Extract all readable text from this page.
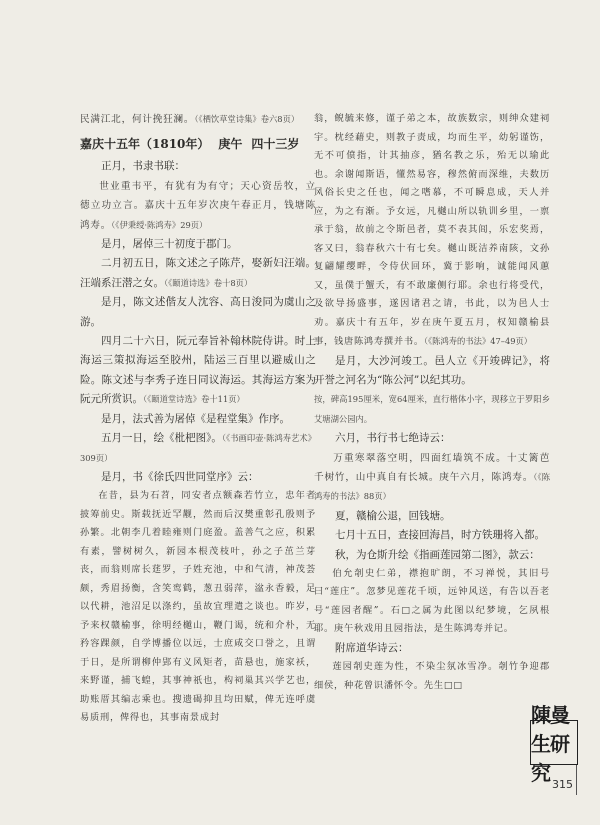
民满江北，何计挽狂澜。（《栖饮草堂诗集》卷六8页）

嘉庆十五年（1810年） 庚午 四十三岁

正月，书隶书联：

世业重韦平，有犹有为有守；天心资岳牧，立德立功立言。嘉庆十五年岁次庚午春正月，钱塘陈鸿寿。（《伊秉绶·陈鸿寿》29页）

是月，屠倬三十初度于郡门。

二月初五日，陈文述之子陈芹，娶新妇汪端。汪端系汪潜之女。（《颐道诗选》卷十8页）

是月，陈文述偕友人沈容、高日浚同为虞山之游。

四月二十六日，阮元奉旨补翰林院侍讲。时上海运三策拟海运至胶州，陆运三百里以避威山之险。陈文述与李秀子连日同议海运。其海运方案为阮元所赏识。（《颐道堂诗选》卷十11页）

是月，法式善为屠倬《是程堂集》作序。

五月一日，绘《枇杷图》。（《书画印壶·陈鸿寿艺术》309页）

是月，书《徐氏四世同堂序》云：

在昔，县为石苕，同安者点额森若竹立，忠年者披筹前史。斯载抚近罕觏，然而后汉樊重彰孔殷则予孙繁。北朝李几着睦雍则门庭盈。盖善气之应，积累有素，譬树树久，新园本根茂枝叶，孙之子茁兰芽丧，而翁则席长莛罗，子姓充池，中和气清，神茂荟颇，秀眉扬衡，含笑鸾鹤，葱丑弱萍，湓永香毅，足以代耕，池沼足以涤约，虽故宜理遣之谈也。昨岁，予来权赣榆事，徐明经樾山，鞭门谒，统和介朴，无矜容踝颜，自学博播位以远，士庶咸交口誉之，且谓于日，是所谓柳仲郢有义风矩者，苗悬也，施家袄，来野谨，捕飞蝗，其事神祇也，构祠巢其兴学艺也，助账厝其编志乘也。搜遗碣抑且均田赋，俾无连呼虞易质刑，俾得也，其事南景成封

翁，鲵毓来修，谨子弟之本，故族数宗，则绅众建祠宇。枕经藉史，则教子责成，均而生平，幼躬谨饬，无不可偾指，计其抽彦，猶名教之乐，殆无以瑜此也。余谢闻斯语，懂然易容，穆然俯而深维，夫数历风俗长史之任也，闻之嗜慕，不可瞬息成，天人并应，为之有渐。予女远，凡樾山所以轨训乡里，一禀承于翁，故前之令斯邑者，莫不表其闾，乐宏奖焉，客又曰，翁春秋六十有七矣。樾山既洁养南陔，文孙复翩耀缨畔，令侍伏回环，冀于影响，诚能闻风蕙又，虽僕于蟹夭，有不敢廉侧行耶。余也行将受代，及欲导扬盛事，遂因诸君之请，书此，以为邑人士劝。嘉庆十有五年，岁在庚午夏五月，权知赣榆县事，钱唐陈鸿寿撰并书。（《陈鸿寿的书法》47–49页）

是月，大沙河竣工。邑人立《开竣碑记》，将开誉之河名为“陈公河”以纪其功。

按，碑高195厘米，宽64厘米，直行楷体小字，现移立于罗阳乡艾塘湖公园内。

六月，书行书七绝诗云：

万重寒翠落空明，四面红墙筑不成。十丈篱芭千树竹，山中真自有长城。庚午六月，陈鸿寿。（《陈鸿寿的书法》88页）

夏，赣榆公退，回钱塘。

七月十五日，查接回海昌，时方铁珊将入都。

秋，为仓斯升绘《指画莲园第二图》，款云：

伯允剞史仁弟，襟抱旷朗，不习禅悦，其旧号曰“莲庄”。忽梦见莲花千顷，远钟风送，有告以吾老号“莲园者醒”。石□之属为此图以纪梦境，乞夙根耶。庚午秋戏用且园指法，是生陈鸿寿并记。

附席道华诗云：

莲园剞史莲为性，不染尘氛冰雪净。剞竹争迎郡细侯，种花曾识潘怀令。先生□□

陳曼生研究 315
